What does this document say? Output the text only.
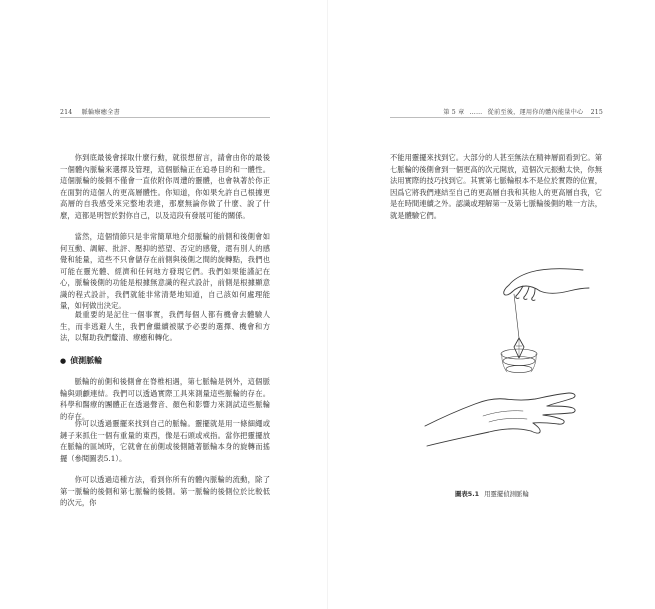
214 脈輪療癒全書

你到底最後會採取什麼行動，就很想留言，請會由你的最後一個體內脈輪來選擇及管理，這個脈輪正在追尋目的和一體性。這個脈輪的後側不僅會一直依附你周遭的靈體，也會執著於你正在面對的這個人的更高層體性。你知道，你如果允許自己根據更高層的自我感受來完整地表達，那麼無論你做了什麼、說了什麼，這都是明智於對你自己，以及這段有發展可能的關係。

當然，這個情節只是非常簡單地介紹脈輪的前側和後側會如何互動、調解、批評、壓抑的慾望、否定的感覺，還有別人的感覺和能量，這些不只會儲存在前側與後側之間的旋轉點，我們也可能在靈光體、經濟和任何地方發現它們。我們如果能謹記在心，脈輪後側的功能是根據無意識的程式設計，前側是根據顯意識的程式設計，我們就能非常清楚地知道，自己該如何處理能量，如何做出決定。

最重要的是記住一個事實，我們每個人都有機會去體驗人生，而非逃避人生，我們會繼續被賦予必要的選擇、機會和方法，以幫助我們釐清、療癒和轉化。

● 偵測脈輪

脈輪的前側和後側會在脊椎相遇，第七脈輪是例外，這個脈輪與頭顱連結。我們可以透過實際工具來測量這些脈輪的存在。科學和醫療的團體正在透過聲音、顏色和影響力來測試這些脈輪的存在。

你可以透過靈擺來找到自己的脈輪。靈擺就是用一條細繩或鏈子來抓住一個有重量的東西，像是石頭或戒指。當你把靈擺放在脈輪的區域時，它就會在前側或後側隨著脈輪本身的旋轉而搖擺（參閱圖表5.1）。

你可以透過這種方法，看到你所有的體內脈輪的流動，除了第一脈輪的後側和第七脈輪的後側。第一脈輪的後側位於比較低的次元，你

第 5 章 …… 從前至後，運用你的體內能量中心 215

不能用靈擺來找到它。大部分的人甚至無法在精神層面看到它。第七脈輪的後側會到一個更高的次元開放，這個次元振動太快，你無法用實際的技巧找到它。其實第七脈輪根本不是位於實際的位置，因爲它將我們連結至自己的更高層自我和其他人的更高層自我，它是在時間連續之外。認識或理解第一及第七脈輪後側的唯一方法，就是體驗它們。

圖表5.1 用靈擺偵測脈輪
